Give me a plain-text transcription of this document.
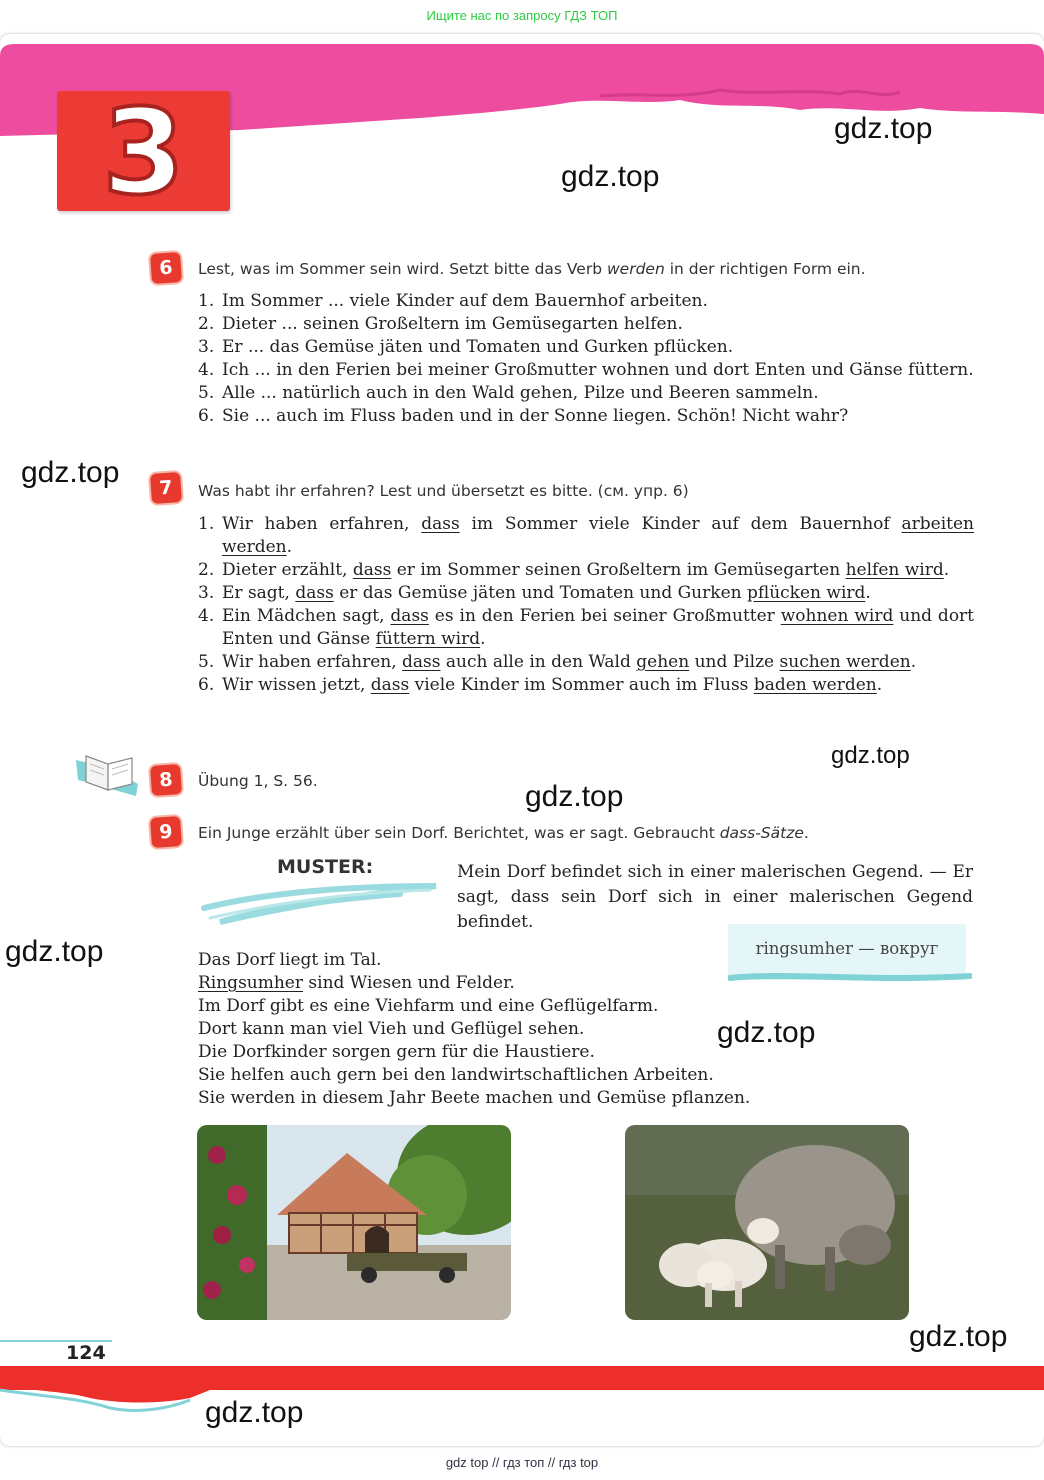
Ищите нас по запросу ГДЗ ТОП
3	gdz.top
gdz.top
gdz.top
gdz.top
gdz.top
gdz.top
gdz.top
gdz.top
gdz.top
6	Lest, was im Sommer sein wird. Setzt bitte das Verb werden in der richtigen Form ein.
1. Im Sommer ... viele Kinder auf dem Bauernhof arbeiten.
2. Dieter ... seinen Großeltern im Gemüsegarten helfen.
3. Er ... das Gemüse jäten und Tomaten und Gurken pflücken.
4. Ich ... in den Ferien bei meiner Großmutter wohnen und dort Enten und Gänse füttern.
5. Alle ... natürlich auch in den Wald gehen, Pilze und Beeren sammeln.
6. Sie ... auch im Fluss baden und in der Sonne liegen. Schön! Nicht wahr?
7	Was habt ihr erfahren? Lest und übersetzt es bitte. (см. упр. 6)
1. Wir haben erfahren, dass im Sommer viele Kinder auf dem Bauernhof arbeiten werden.
2. Dieter erzählt, dass er im Sommer seinen Großeltern im Gemüsegarten helfen wird.
3. Er sagt, dass er das Gemüse jäten und Tomaten und Gurken pflücken wird.
4. Ein Mädchen sagt, dass es in den Ferien bei seiner Großmutter wohnen wird und dort Enten und Gänse füttern wird.
5. Wir haben erfahren, dass auch alle in den Wald gehen und Pilze suchen werden.
6. Wir wissen jetzt, dass viele Kinder im Sommer auch im Fluss baden werden.
8	Übung 1, S. 56.
9	Ein Junge erzählt über sein Dorf. Berichtet, was er sagt. Gebraucht dass-Sätze.
MUSTER:	Mein Dorf befindet sich in einer malerischen Gegend. — Er sagt, dass sein Dorf sich in einer malerischen Gegend befindet.
ringsumher — вокруг
Das Dorf liegt im Tal.
Ringsumher sind Wiesen und Felder.
Im Dorf gibt es eine Viehfarm und eine Geflügelfarm.
Dort kann man viel Vieh und Geflügel sehen.
Die Dorfkinder sorgen gern für die Haustiere.
Sie helfen auch gern bei den landwirtschaftlichen Arbeiten.
Sie werden in diesem Jahr Beete machen und Gemüse pflanzen.
124
gdz top // гдз топ // гдз top
